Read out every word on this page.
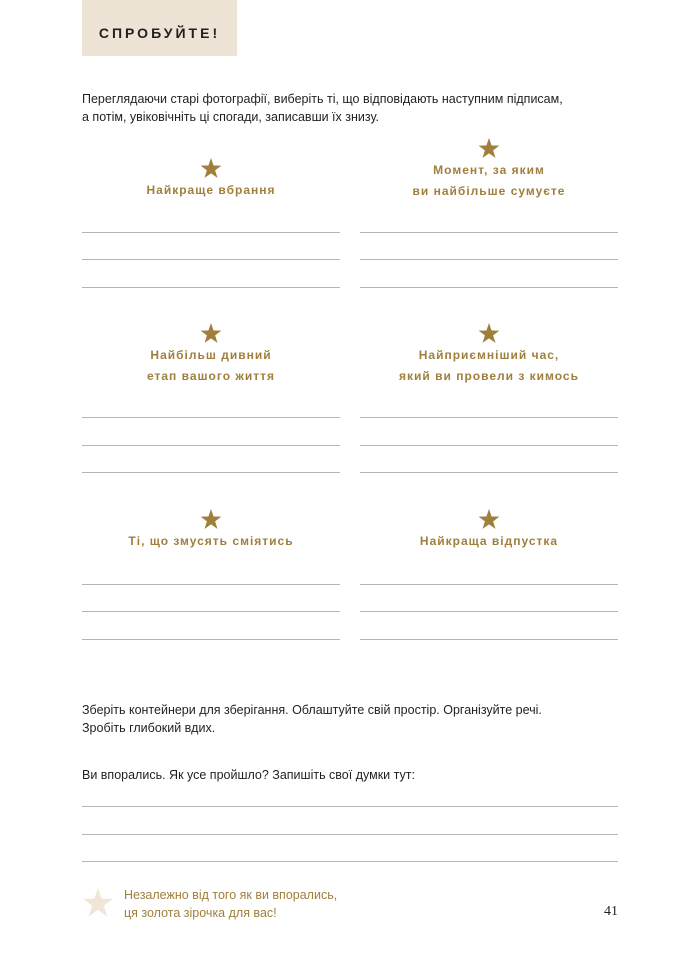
СПРОБУЙТЕ!
Переглядаючи старі фотографії, виберіть ті, що відповідають наступним підписам,
а потім, увіковічніть ці спогади, записавши їх знизу.
Найкраще вбрання
Момент, за яким
ви найбільше сумуєте
Найбільш дивний
етап вашого життя
Найприємніший час,
який ви провели з кимось
Ті, що змусять сміятись	Найкраща відпустка
Зберіть контейнери для зберігання. Облаштуйте свій простір. Організуйте речі.
Зробіть глибокий вдих.
Ви впорались. Як усе пройшло? Запишіть свої думки тут:
Незалежно від того як ви впорались,
ця золота зірочка для вас!	41
